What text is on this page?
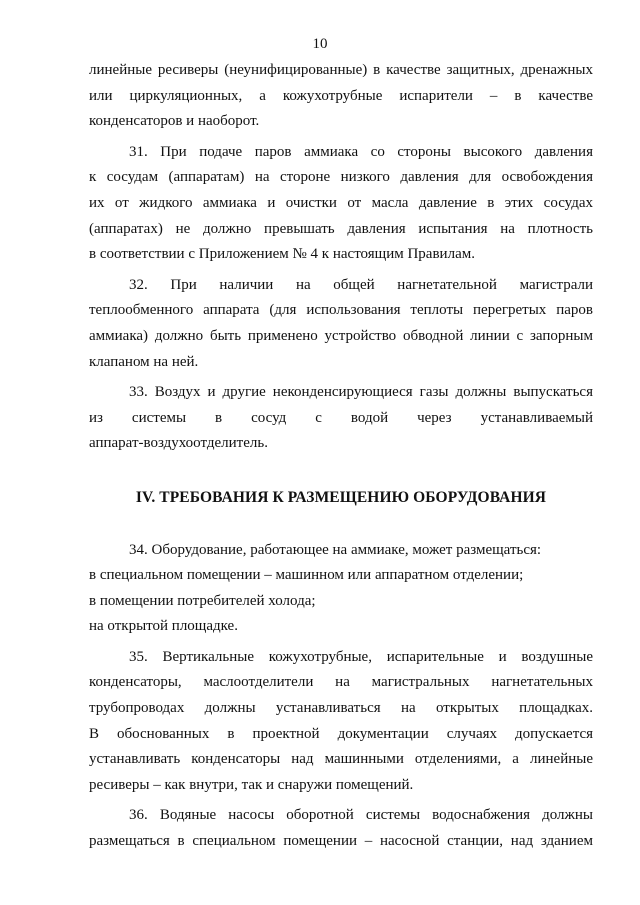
10
линейные ресиверы (неунифицированные) в качестве защитных, дренажных
или циркуляционных, а кожухотрубные испарители – в качестве
конденсаторов и наоборот.
31. При подаче паров аммиака со стороны высокого давления
к сосудам (аппаратам) на стороне низкого давления для освобождения
их от жидкого аммиака и очистки от масла давление в этих сосудах
(аппаратах) не должно превышать давления испытания на плотность
в соответствии с Приложением № 4 к настоящим Правилам.
32. При наличии на общей нагнетательной магистрали
теплообменного аппарата (для использования теплоты перегретых паров
аммиака) должно быть применено устройство обводной линии с запорным
клапаном на ней.
33. Воздух и другие неконденсирующиеся газы должны выпускаться
из системы в сосуд с водой через устанавливаемый
аппарат-воздухоотделитель.
IV. ТРЕБОВАНИЯ К РАЗМЕЩЕНИЮ ОБОРУДОВАНИЯ
34. Оборудование, работающее на аммиаке, может размещаться:
в специальном помещении – машинном или аппаратном отделении;
в помещении потребителей холода;
на открытой площадке.
35. Вертикальные кожухотрубные, испарительные и воздушные
конденсаторы, маслоотделители на магистральных нагнетательных
трубопроводах должны устанавливаться на открытых площадках.
В обоснованных в проектной документации случаях допускается
устанавливать конденсаторы над машинными отделениями, а линейные
ресиверы – как внутри, так и снаружи помещений.
36. Водяные насосы оборотной системы водоснабжения должны
размещаться в специальном помещении – насосной станции, над зданием
